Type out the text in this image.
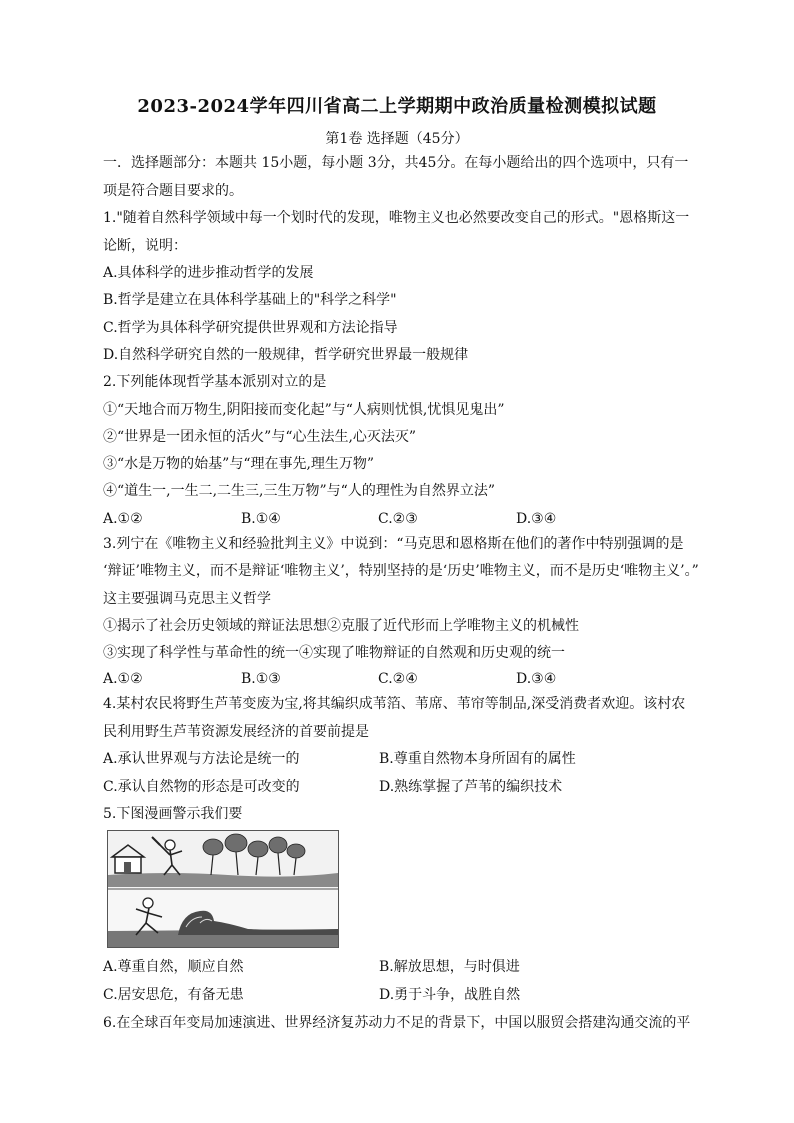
2023-2024学年四川省高二上学期期中政治质量检测模拟试题
第1卷 选择题（45分）
一．选择题部分：本题共 15小题，每小题 3分，共45分。在每小题给出的四个选项中，只有一
项是符合题目要求的。
1."随着自然科学领域中每一个划时代的发现，唯物主义也必然要改变自己的形式。"恩格斯这一
论断，说明：
A.具体科学的进步推动哲学的发展
B.哲学是建立在具体科学基础上的"科学之科学"
C.哲学为具体科学研究提供世界观和方法论指导
D.自然科学研究自然的一般规律，哲学研究世界最一般规律
2.下列能体现哲学基本派别对立的是
①“天地合而万物生,阴阳接而变化起”与“人病则忧惧,忧惧见鬼出”
②“世界是一团永恒的活火”与“心生法生,心灭法灭”
③“水是万物的始基”与“理在事先,理生万物”
④“道生一,一生二,二生三,三生万物”与“人的理性为自然界立法”
A.①②	B.①④	C.②③	D.③④
3.列宁在《唯物主义和经验批判主义》中说到：“马克思和恩格斯在他们的著作中特别强调的是
‘辩证’唯物主义，而不是辩证‘唯物主义’，特别坚持的是‘历史’唯物主义，而不是历史‘唯物主义’。”
这主要强调马克思主义哲学
①揭示了社会历史领域的辩证法思想②克服了近代形而上学唯物主义的机械性
③实现了科学性与革命性的统一④实现了唯物辩证的自然观和历史观的统一
A.①②	B.①③	C.②④	D.③④
4.某村农民将野生芦苇变废为宝,将其编织成苇箔、苇席、苇帘等制品,深受消费者欢迎。该村农
民利用野生芦苇资源发展经济的首要前提是
A.承认世界观与方法论是统一的	B.尊重自然物本身所固有的属性
C.承认自然物的形态是可改变的	D.熟练掌握了芦苇的编织技术
5.下图漫画警示我们要
A.尊重自然，顺应自然	B.解放思想，与时俱进
C.居安思危，有备无患	D.勇于斗争，战胜自然
6.在全球百年变局加速演进、世界经济复苏动力不足的背景下，中国以服贸会搭建沟通交流的平
